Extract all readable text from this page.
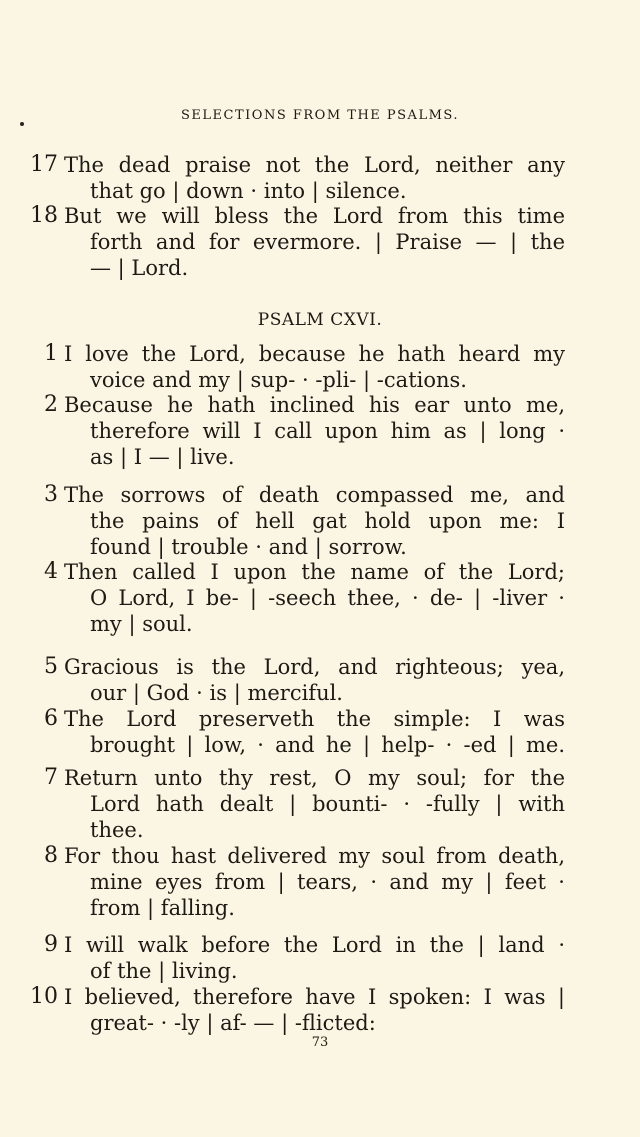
SELECTIONS FROM THE PSALMS.
17 The dead praise not the Lord, neither any
that go | down · into | silence.
18 But we will bless the Lord from this time
forth and for evermore. | Praise — | the
— | Lord.
PSALM CXVI.
1 I love the Lord, because he hath heard my
voice and my | sup- · -pli- | -cations.
2 Because he hath inclined his ear unto me,
therefore will I call upon him as | long ·
as | I — | live.
3 The sorrows of death compassed me, and
the pains of hell gat hold upon me: I
found | trouble · and | sorrow.
4 Then called I upon the name of the Lord;
O Lord, I be- | -seech thee, · de- | -liver ·
my | soul.
5 Gracious is the Lord, and righteous; yea,
our | God · is | merciful.
6 The Lord preserveth the simple: I was
brought | low, · and he | help- · -ed | me.
7 Return unto thy rest, O my soul; for the
Lord hath dealt | bounti- · -fully | with
thee.
8 For thou hast delivered my soul from death,
mine eyes from | tears, · and my | feet ·
from | falling.
9 I will walk before the Lord in the | land ·
of the | living.
10 I believed, therefore have I spoken: I was |
great- · -ly | af- — | -flicted:
73
